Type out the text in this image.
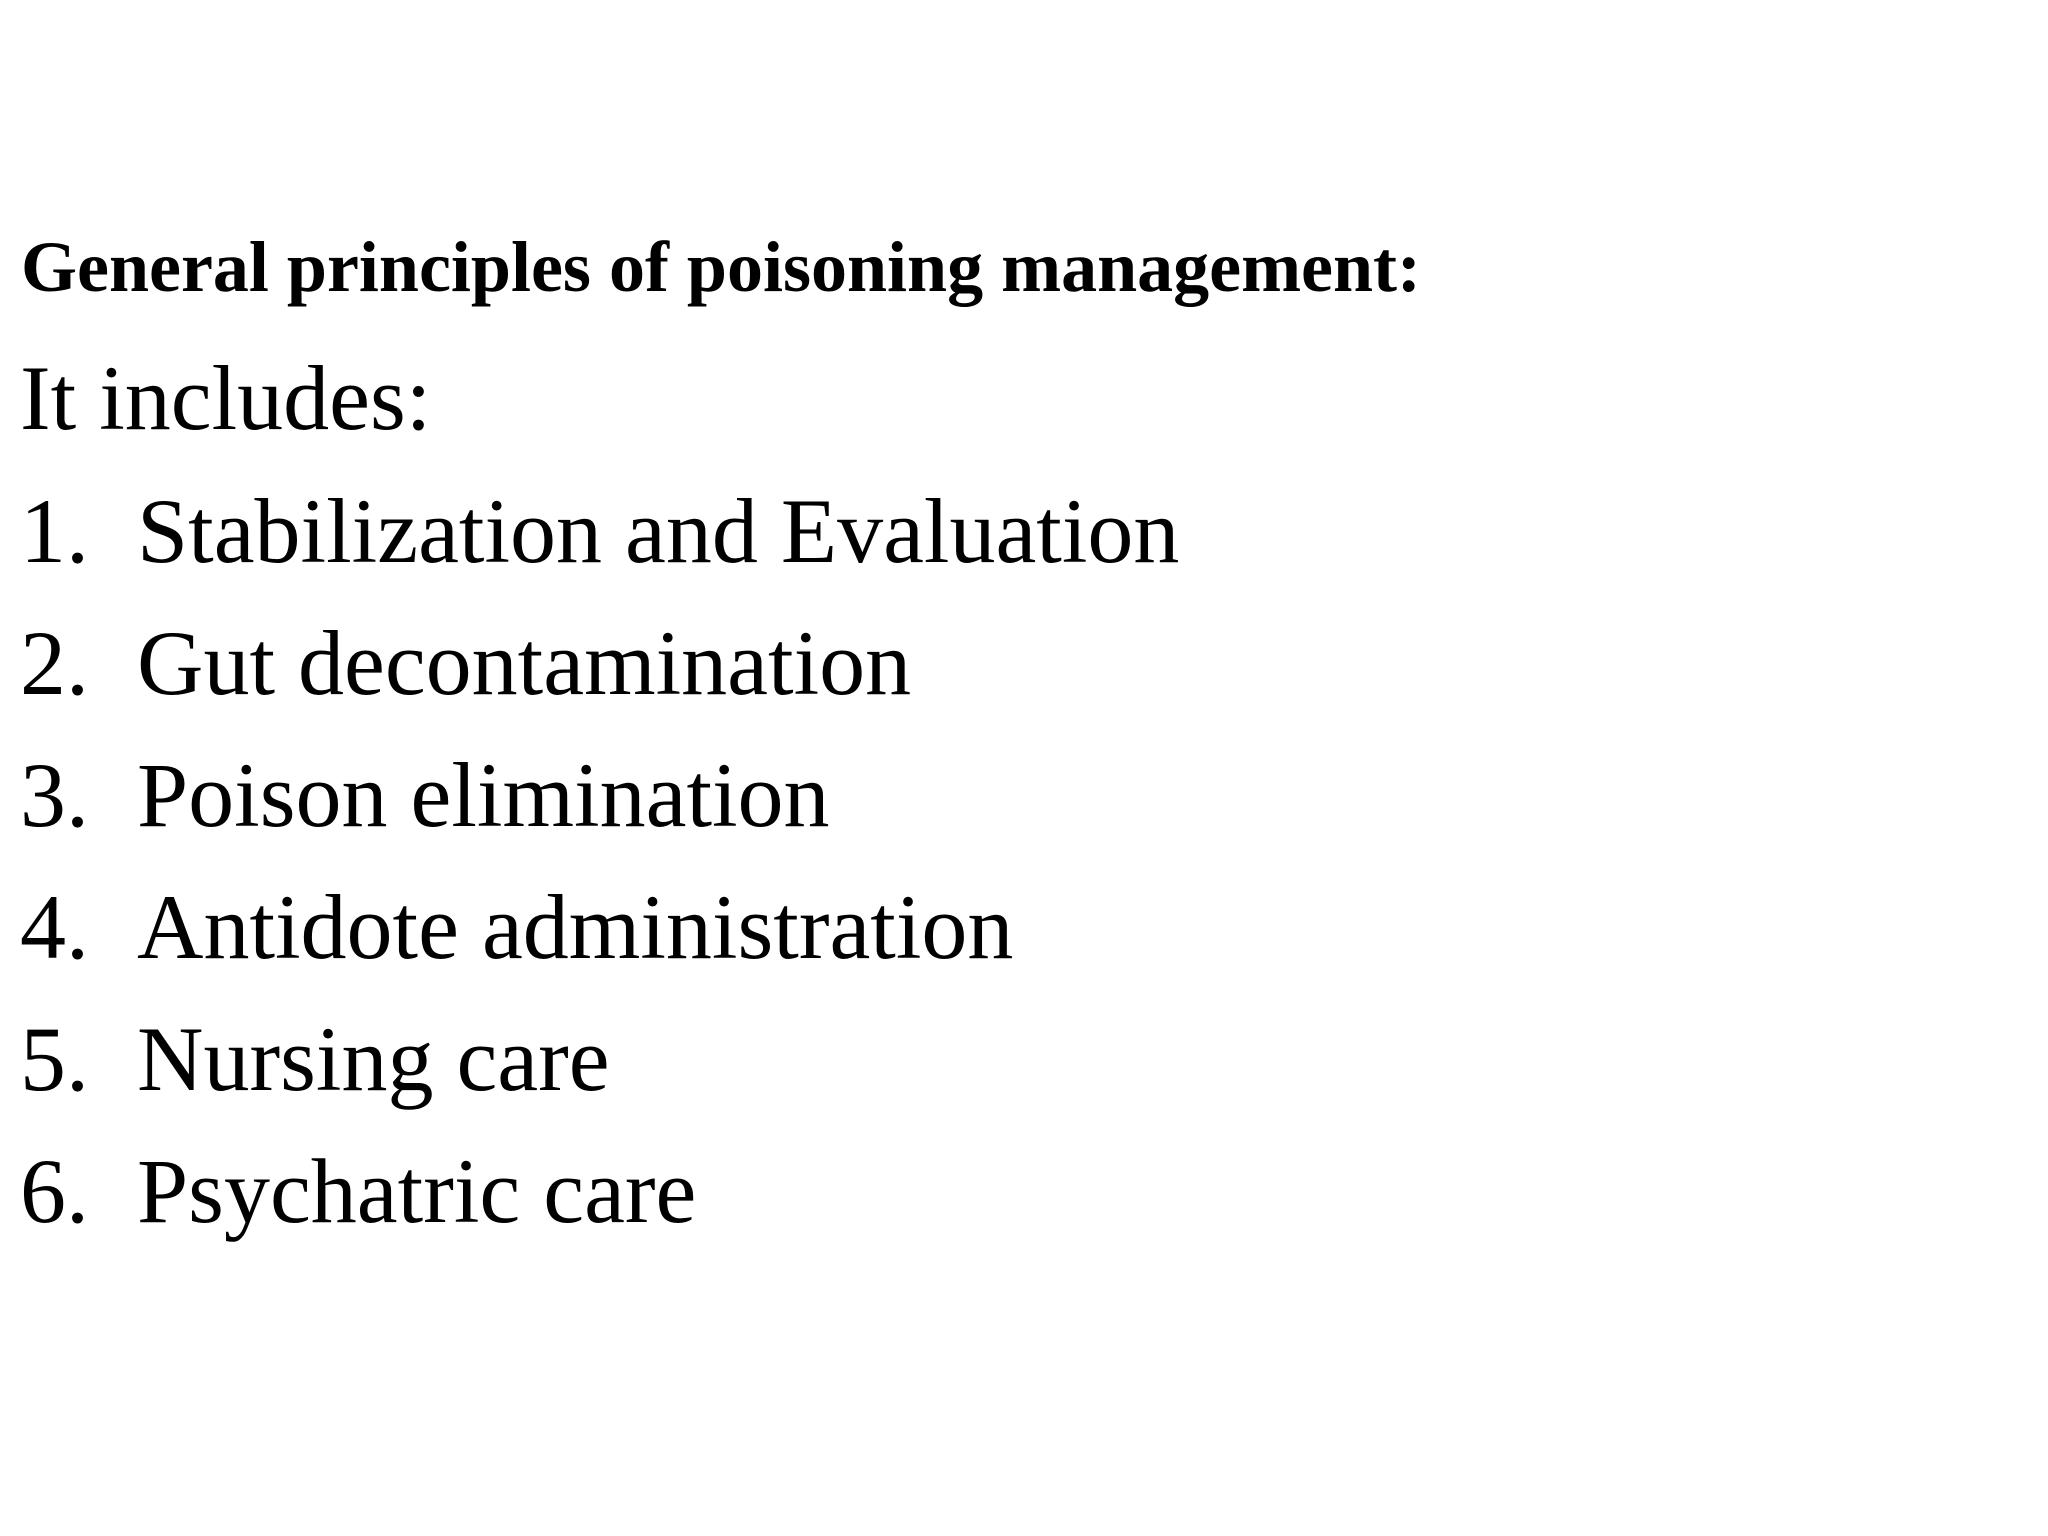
General principles of poisoning management:
It includes:
1. Stabilization and Evaluation
2. Gut decontamination
3. Poison elimination
4. Antidote administration
5. Nursing care
6. Psychatric care
